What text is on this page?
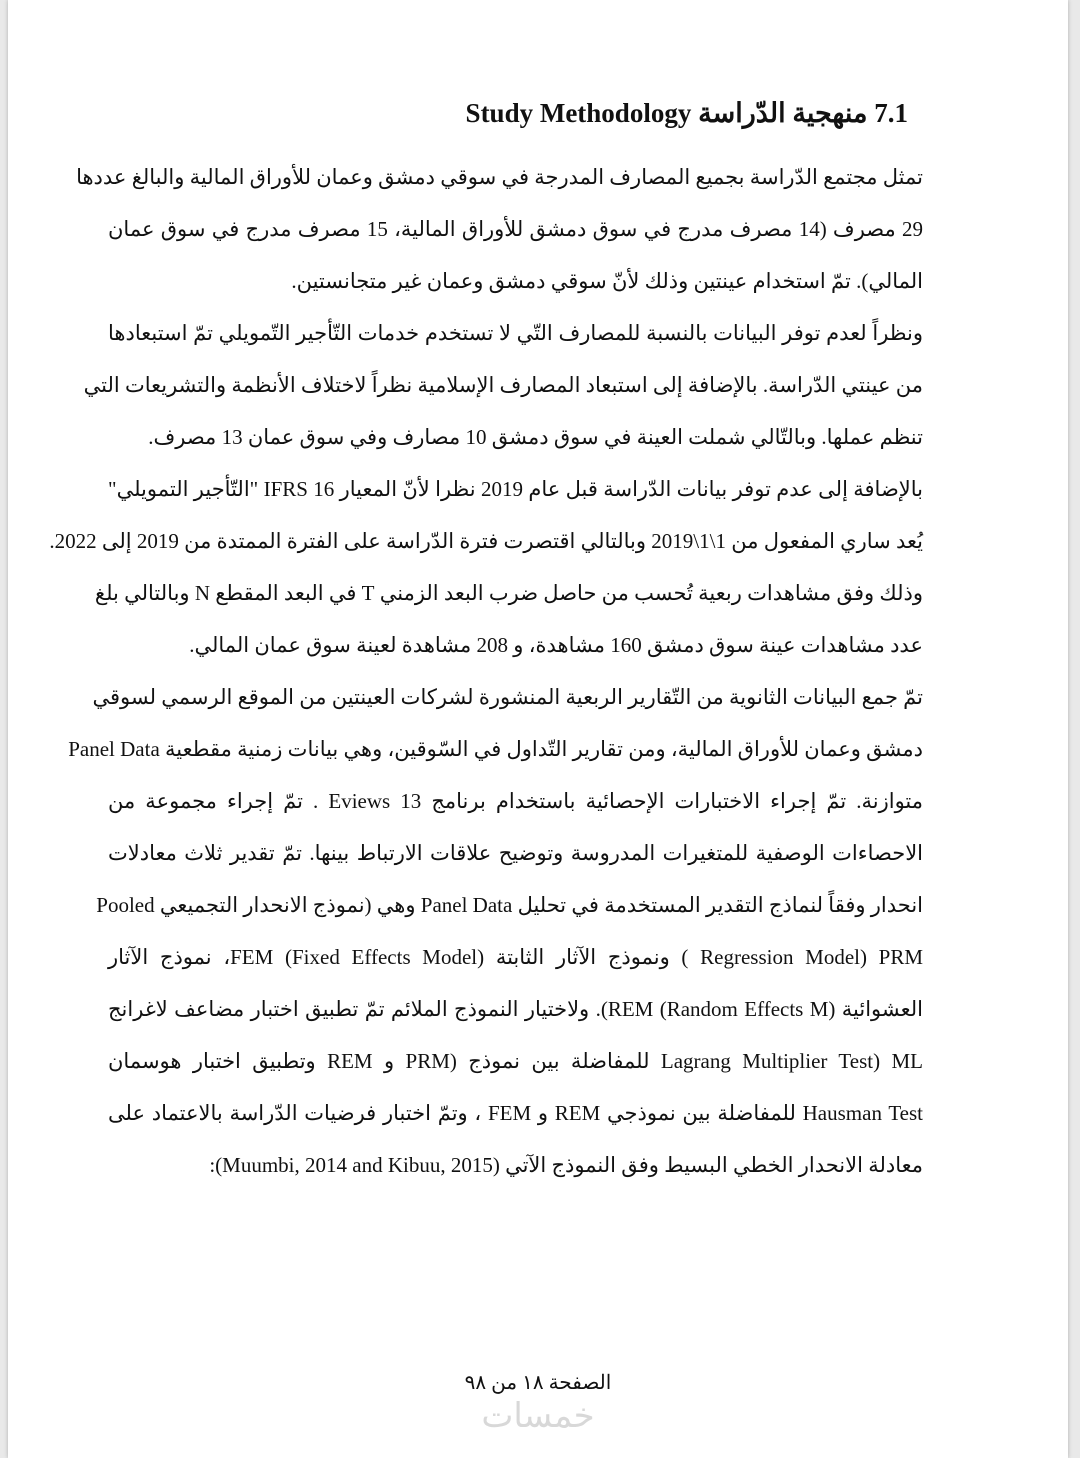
7.1 منهجية الدّراسة Study Methodology
تمثل مجتمع الدّراسة بجميع المصارف المدرجة في سوقي دمشق وعمان للأوراق المالية والبالغ عددها
29 مصرف (14 مصرف مدرج في سوق دمشق للأوراق المالية، 15 مصرف مدرج في سوق عمان
المالي). تمّ استخدام عينتين وذلك لأنّ سوقي دمشق وعمان غير متجانستين.
ونظراً لعدم توفر البيانات بالنسبة للمصارف التّي لا تستخدم خدمات التّأجير التّمويلي تمّ استبعادها
من عينتي الدّراسة. بالإضافة إلى استبعاد المصارف الإسلامية نظراً لاختلاف الأنظمة والتشريعات التي
تنظم عملها. وبالتّالي شملت العينة في سوق دمشق 10 مصارف وفي سوق عمان 13 مصرف.
بالإضافة إلى عدم توفر بيانات الدّراسة قبل عام 2019 نظرا لأنّ المعيار IFRS 16 "التّأجير التمويلي"
يُعد ساري المفعول من 1\1\2019 وبالتالي اقتصرت فترة الدّراسة على الفترة الممتدة من 2019 إلى 2022.
وذلك وفق مشاهدات ربعية تُحسب من حاصل ضرب البعد الزمني T في البعد المقطع N وبالتالي بلغ
عدد مشاهدات عينة سوق دمشق 160 مشاهدة، و 208 مشاهدة لعينة سوق عمان المالي.
تمّ جمع البيانات الثانوية من التّقارير الربعية المنشورة لشركات العينتين من الموقع الرسمي لسوقي
دمشق وعمان للأوراق المالية، ومن تقارير التّداول في السّوقين، وهي بيانات زمنية مقطعية Panel Data
متوازنة. تمّ إجراء الاختبارات الإحصائية باستخدام برنامج Eviews 13 . تمّ إجراء مجموعة من
الاحصاءات الوصفية للمتغيرات المدروسة وتوضيح علاقات الارتباط بينها. تمّ تقدير ثلاث معادلات
انحدار وفقاً لنماذج التقدير المستخدمة في تحليل Panel Data وهي (نموذج الانحدار التجميعي Pooled
Regression Model) PRM ) ونموذج الآثار الثابتة FEM (Fixed Effects Model)، نموذج الآثار
العشوائية REM (Random Effects M)). ولاختيار النموذج الملائم تمّ تطبيق اختبار مضاعف لاغرانج
Lagrang Multiplier Test) ML للمفاضلة بين نموذج (PRM و REM وتطبيق اختبار هوسمان
Hausman Test للمفاضلة بين نموذجي REM و FEM ، وتمّ اختبار فرضيات الدّراسة بالاعتماد على
معادلة الانحدار الخطي البسيط وفق النموذج الآتي (Muumbi, 2014 and Kibuu, 2015):
الصفحة ١٨ من ٩٨
خمسات
